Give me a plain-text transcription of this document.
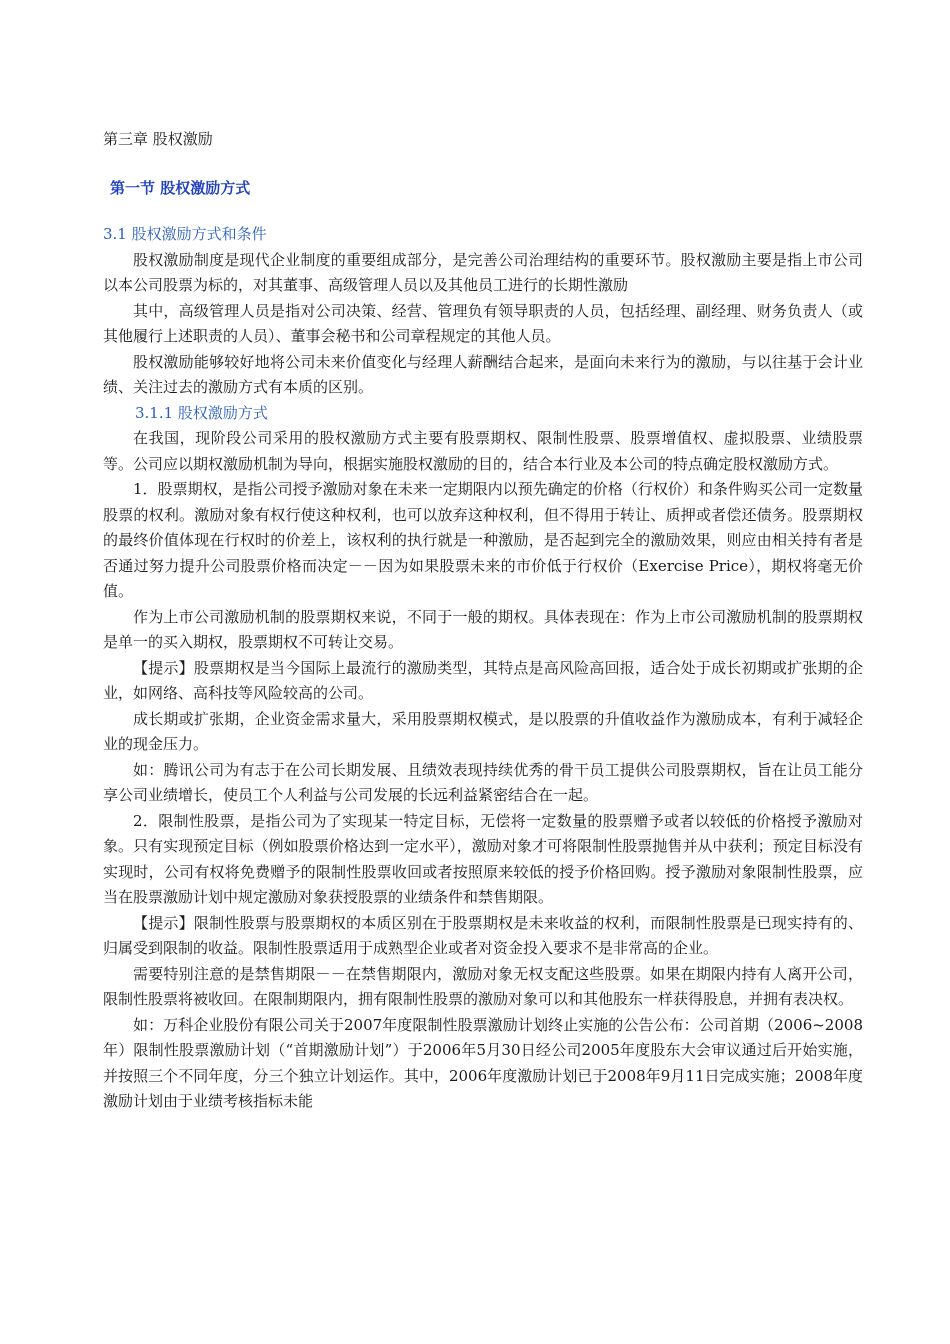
第三章 股权激励
第一节 股权激励方式
3.1 股权激励方式和条件

股权激励制度是现代企业制度的重要组成部分，是完善公司治理结构的重要环节。股权激励主要是指上市公司以本公司股票为标的，对其董事、高级管理人员以及其他员工进行的长期性激励

其中，高级管理人员是指对公司决策、经营、管理负有领导职责的人员，包括经理、副经理、财务负责人（或其他履行上述职责的人员）、董事会秘书和公司章程规定的其他人员。

股权激励能够较好地将公司未来价值变化与经理人薪酬结合起来，是面向未来行为的激励，与以往基于会计业绩、关注过去的激励方式有本质的区别。

3.1.1 股权激励方式

在我国，现阶段公司采用的股权激励方式主要有股票期权、限制性股票、股票增值权、虚拟股票、业绩股票等。公司应以期权激励机制为导向，根据实施股权激励的目的，结合本行业及本公司的特点确定股权激励方式。

1．股票期权，是指公司授予激励对象在未来一定期限内以预先确定的价格（行权价）和条件购买公司一定数量股票的权利。激励对象有权行使这种权利，也可以放弃这种权利，但不得用于转让、质押或者偿还债务。股票期权的最终价值体现在行权时的价差上，该权利的执行就是一种激励，是否起到完全的激励效果，则应由相关持有者是否通过努力提升公司股票价格而决定－－因为如果股票未来的市价低于行权价（Exercise Price），期权将毫无价值。

作为上市公司激励机制的股票期权来说，不同于一般的期权。具体表现在：作为上市公司激励机制的股票期权是单一的买入期权，股票期权不可转让交易。

【提示】股票期权是当今国际上最流行的激励类型，其特点是高风险高回报，适合处于成长初期或扩张期的企业，如网络、高科技等风险较高的公司。

成长期或扩张期，企业资金需求量大，采用股票期权模式，是以股票的升值收益作为激励成本，有利于减轻企业的现金压力。

如：腾讯公司为有志于在公司长期发展、且绩效表现持续优秀的骨干员工提供公司股票期权，旨在让员工能分享公司业绩增长，使员工个人利益与公司发展的长远利益紧密结合在一起。

2．限制性股票，是指公司为了实现某一特定目标，无偿将一定数量的股票赠予或者以较低的价格授予激励对象。只有实现预定目标（例如股票价格达到一定水平），激励对象才可将限制性股票抛售并从中获利；预定目标没有实现时，公司有权将免费赠予的限制性股票收回或者按照原来较低的授予价格回购。授予激励对象限制性股票，应当在股票激励计划中规定激励对象获授股票的业绩条件和禁售期限。

【提示】限制性股票与股票期权的本质区别在于股票期权是未来收益的权利，而限制性股票是已现实持有的、归属受到限制的收益。限制性股票适用于成熟型企业或者对资金投入要求不是非常高的企业。

需要特别注意的是禁售期限－－在禁售期限内，激励对象无权支配这些股票。如果在期限内持有人离开公司，限制性股票将被收回。在限制期限内，拥有限制性股票的激励对象可以和其他股东一样获得股息，并拥有表决权。

如：万科企业股份有限公司关于2007年度限制性股票激励计划终止实施的公告公布：公司首期（2006~2008年）限制性股票激励计划（“首期激励计划”）于2006年5月30日经公司2005年度股东大会审议通过后开始实施，并按照三个不同年度，分三个独立计划运作。其中，2006年度激励计划已于2008年9月11日完成实施；2008年度激励计划由于业绩考核指标未能
